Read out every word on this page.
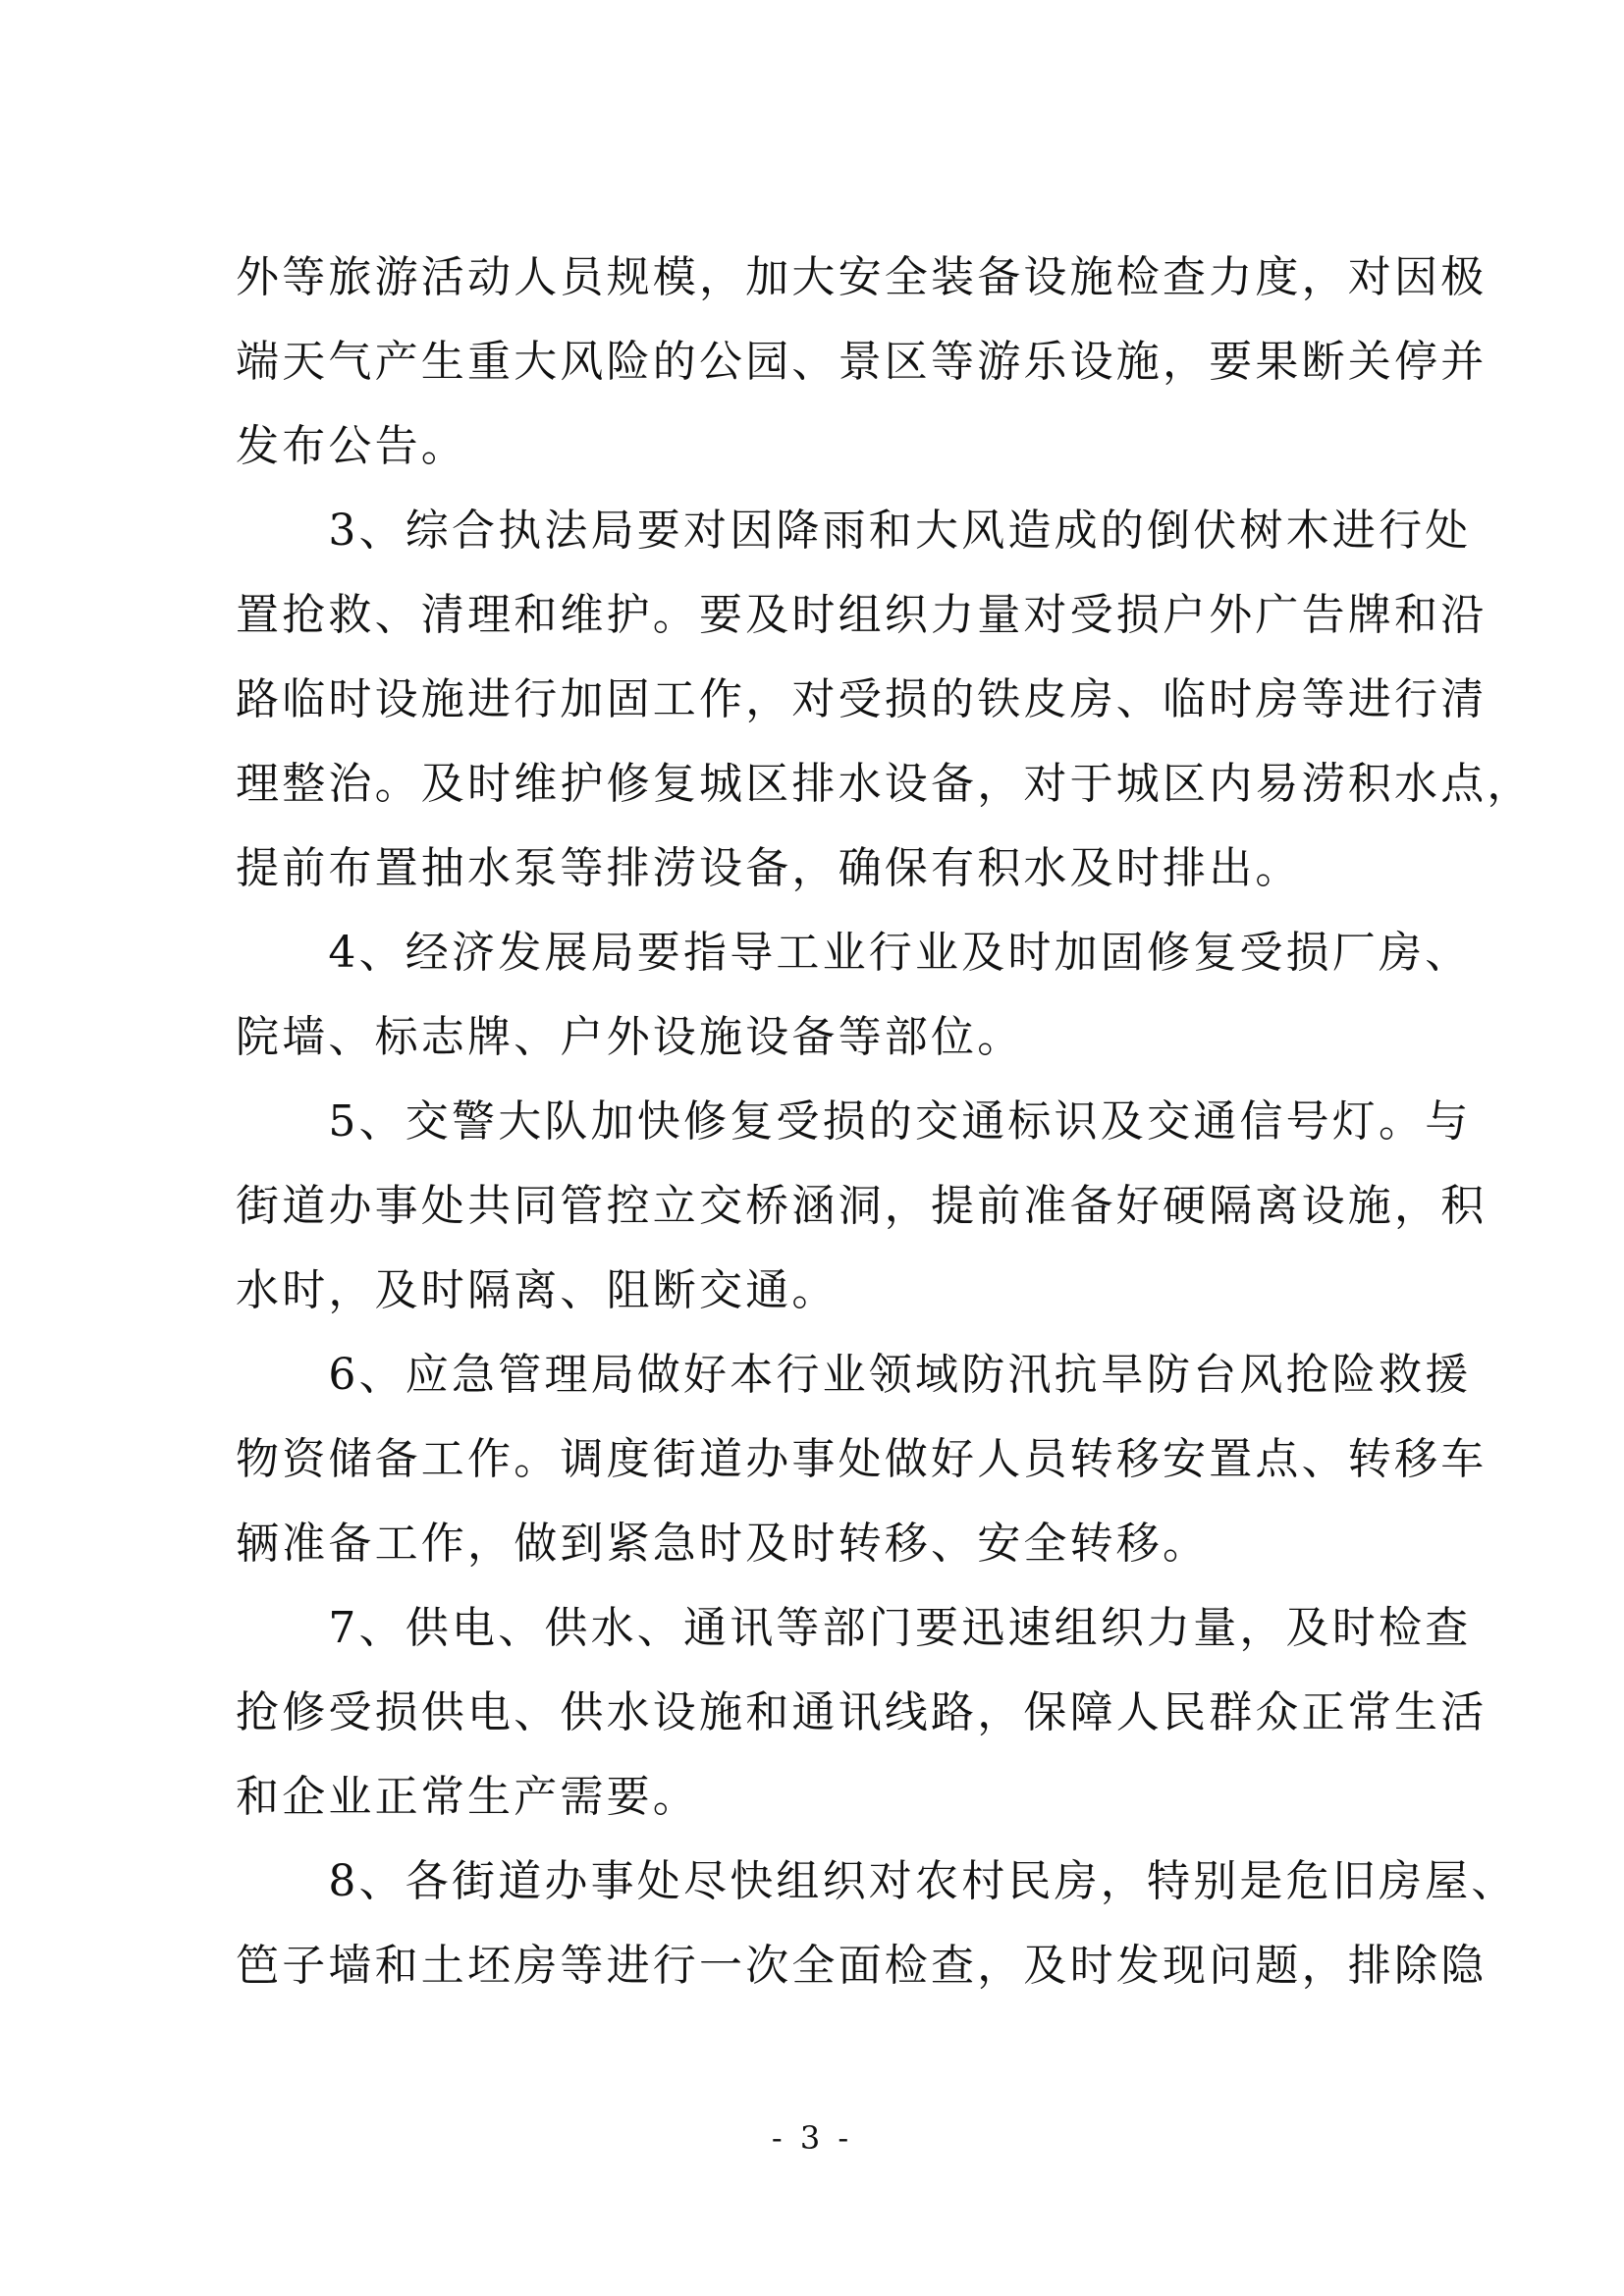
外等旅游活动人员规模，加大安全装备设施检查力度，对因极
端天气产生重大风险的公园、景区等游乐设施，要果断关停并
发布公告。
　　3、综合执法局要对因降雨和大风造成的倒伏树木进行处
置抢救、清理和维护。要及时组织力量对受损户外广告牌和沿
路临时设施进行加固工作，对受损的铁皮房、临时房等进行清
理整治。及时维护修复城区排水设备，对于城区内易涝积水点，
提前布置抽水泵等排涝设备，确保有积水及时排出。
　　4、经济发展局要指导工业行业及时加固修复受损厂房、
院墙、标志牌、户外设施设备等部位。
　　5、交警大队加快修复受损的交通标识及交通信号灯。与
街道办事处共同管控立交桥涵洞，提前准备好硬隔离设施，积
水时，及时隔离、阻断交通。
　　6、应急管理局做好本行业领域防汛抗旱防台风抢险救援
物资储备工作。调度街道办事处做好人员转移安置点、转移车
辆准备工作，做到紧急时及时转移、安全转移。
　　7、供电、供水、通讯等部门要迅速组织力量，及时检查
抢修受损供电、供水设施和通讯线路，保障人民群众正常生活
和企业正常生产需要。
　　8、各街道办事处尽快组织对农村民房，特别是危旧房屋、
笆子墙和土坯房等进行一次全面检查，及时发现问题，排除隐
- 3 -
